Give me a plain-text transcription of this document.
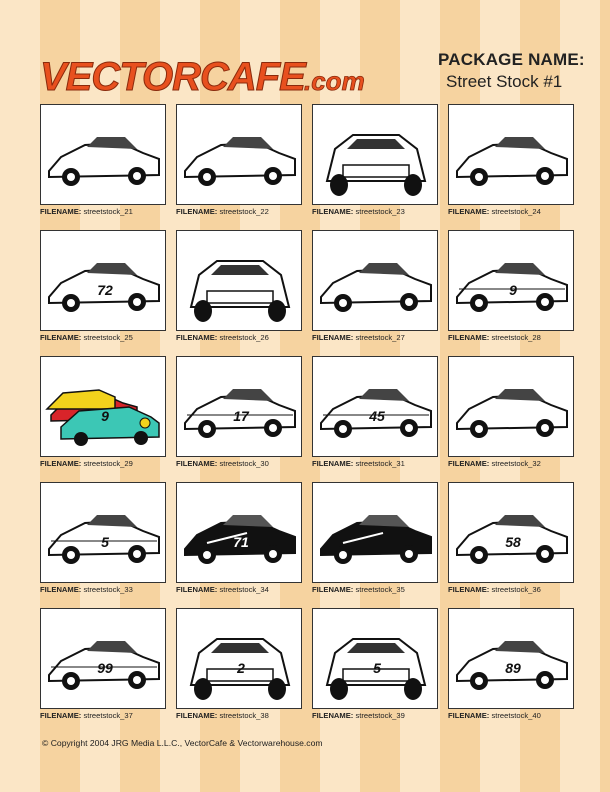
VECTORCAFE .com
PACKAGE NAME:
Street Stock #1
FILENAME: streetstock_21	FILENAME: streetstock_22	FILENAME: streetstock_23	FILENAME: streetstock_24
72
FILENAME: streetstock_25	FILENAME: streetstock_26	FILENAME: streetstock_27
9
FILENAME: streetstock_28
9
FILENAME: streetstock_29
17
FILENAME: streetstock_30
45
FILENAME: streetstock_31	FILENAME: streetstock_32
5
FILENAME: streetstock_33
71
FILENAME: streetstock_34	FILENAME: streetstock_35
58
FILENAME: streetstock_36
99
FILENAME: streetstock_37
2
FILENAME: streetstock_38
5
FILENAME: streetstock_39
89
FILENAME: streetstock_40
© Copyright 2004 JRG Media L.L.C., VectorCafe & Vectorwarehouse.com
